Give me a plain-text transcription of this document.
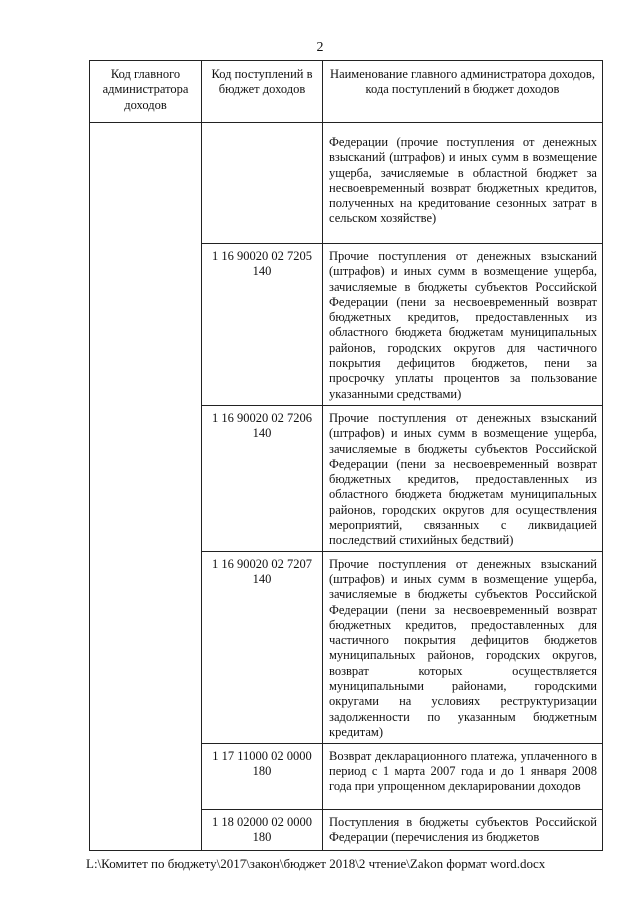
2
Код главного администратора доходов	Код поступлений в бюджет доходов	Наименование главного администратора доходов, кода поступлений в бюджет доходов
		Федерации (прочие поступления от денежных взысканий (штрафов) и иных сумм в возмещение ущерба, зачисляемые в областной бюджет за несвоевременный возврат бюджетных кредитов, полученных на кредитование сезонных затрат в сельском хозяйстве)
	1 16 90020 02 7205 140	Прочие поступления от денежных взысканий (штрафов) и иных сумм в возмещение ущерба, зачисляемые в бюджеты субъектов Российской Федерации (пени за несвоевременный возврат бюджетных кредитов, предоставленных из областного бюджета бюджетам муниципальных районов, городских округов для частичного покрытия дефицитов бюджетов, пени за просрочку уплаты процентов за пользование указанными средствами)
	1 16 90020 02 7206 140	Прочие поступления от денежных взысканий (штрафов) и иных сумм в возмещение ущерба, зачисляемые в бюджеты субъектов Российской Федерации (пени за несвоевременный возврат бюджетных кредитов, предоставленных из областного бюджета бюджетам муниципальных районов, городских округов для осуществления мероприятий, связанных с ликвидацией последствий стихийных бедствий)
	1 16 90020 02 7207 140	Прочие поступления от денежных взысканий (штрафов) и иных сумм в возмещение ущерба, зачисляемые в бюджеты субъектов Российской Федерации (пени за несвоевременный возврат бюджетных кредитов, предоставленных для частичного покрытия дефицитов бюджетов муниципальных районов, городских округов, возврат которых осуществляется муниципальными районами, городскими округами на условиях реструктуризации задолженности по указанным бюджетным кредитам)
	1 17 11000 02 0000 180	Возврат декларационного платежа, уплаченного в период с 1 марта 2007 года и до 1 января 2008 года при упрощенном декларировании доходов
	1 18 02000 02 0000 180	Поступления в бюджеты субъектов Российской Федерации (перечисления из бюджетов
L:\Комитет по бюджету\2017\закон\бюджет 2018\2 чтение\Zakon формат word.docx
